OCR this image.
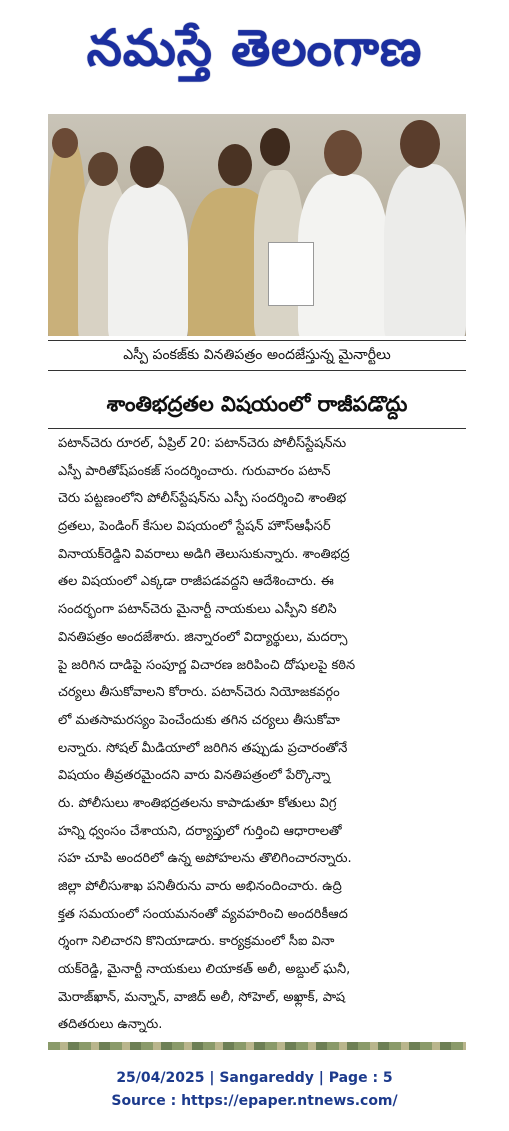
నమస్తే తెలంగాణ
ఎస్పీ పంకజ్‌కు వినతిపత్రం అందజేస్తున్న మైనార్టీలు
శాంతిభద్రతల విషయంలో రాజీపడొద్దు
పటాన్‌చెరు రూరల్, ఏప్రిల్ 20: పటాన్‌చెరు పోలీస్‌స్టేషన్‌ను
ఎస్పీ పారితోష్‌పంకజ్ సందర్శించారు. గురువారం పటాన్
చెరు పట్టణంలోని పోలీస్‌స్టేషన్‌ను ఎస్పీ సందర్శించి శాంతిభ
ద్రతలు, పెండింగ్ కేసుల విషయంలో స్టేషన్ హౌస్‌ఆఫీసర్
వినాయక్‌రెడ్డిని వివరాలు అడిగి తెలుసుకున్నారు. శాంతిభద్ర
తల విషయంలో ఎక్కడా రాజీపడవద్దని ఆదేశించారు. ఈ
సందర్భంగా పటాన్‌చెరు మైనార్టీ నాయకులు ఎస్పీని కలిసి
వినతిపత్రం అందజేశారు. జిన్నారంలో విద్యార్థులు, మదర్సా
పై జరిగిన దాడిపై సంపూర్ణ విచారణ జరిపించి దోషులపై కఠిన
చర్యలు తీసుకోవాలని కోరారు. పటాన్‌చెరు నియోజకవర్గం
లో మతసామరస్యం పెంచేందుకు తగిన చర్యలు తీసుకోవా
లన్నారు. సోషల్ మీడియాలో జరిగిన తప్పుడు ప్రచారంతోనే
విషయం తీవ్రతరమైందని వారు వినతిపత్రంలో పేర్కొన్నా
రు. పోలీసులు శాంతిభద్రతలను కాపాడుతూ కోతులు విగ్ర
హన్ని ధ్వంసం చేశాయని, దర్యాప్తులో గుర్తించి ఆధారాలతో
సహ చూపి అందరిలో ఉన్న అపోహలను తొలిగించారన్నారు.
జిల్లా పోలీసుశాఖ పనితీరును వారు అభినందించారు. ఉద్రి
క్తత సమయంలో సంయమనంతో వ్యవహరించి అందరికీఆద
ర్శంగా నిలిచారని కొనియాడారు. కార్యక్రమంలో సీఐ వినా
యక్‌రెడ్డి, మైనార్టీ నాయకులు లియాకత్ అలీ, అబ్దుల్ ఘనీ,
మెరాజ్‌ఖాన్, మన్నాన్, వాజిద్ అలీ, సోహెల్, అఖ్లాక్, పాష
తదితరులు ఉన్నారు.
25/04/2025 | Sangareddy | Page : 5
Source : https://epaper.ntnews.com/
